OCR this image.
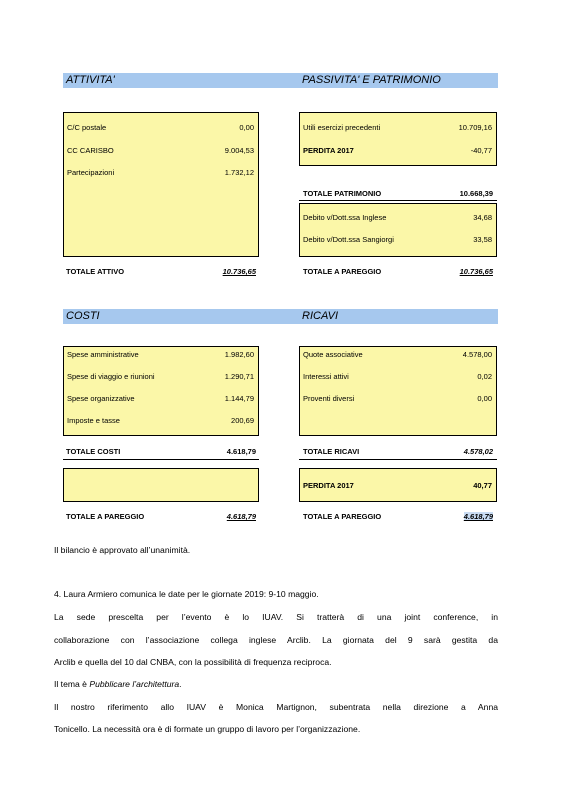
ATTIVITA'	PASSIVITA' E PATRIMONIO
C/C postale	0,00
CC CARISBO	9.004,53
Partecipazioni	1.732,12
Utili esercizi precedenti	10.709,16
PERDITA 2017	-40,77
TOTALE PATRIMONIO	10.668,39
Debito v/Dott.ssa Inglese	34,68
Debito v/Dott.ssa Sangiorgi	33,58
TOTALE ATTIVO	10.736,65	TOTALE A PAREGGIO	10.736,65
COSTI	RICAVI
Spese amministrative	1.982,60
Spese di viaggio e riunioni	1.290,71
Spese organizzative	1.144,79
Imposte e tasse	200,69
Quote associative	4.578,00
Interessi attivi	0,02
Proventi diversi	0,00
TOTALE COSTI	4.618,79	TOTALE RICAVI	4.578,02
PERDITA 2017	40,77
TOTALE A PAREGGIO	4.618,79	TOTALE A PAREGGIO	4.618,79
Il bilancio è approvato all’unanimità.
4. Laura Armiero comunica le date per le giornate 2019: 9-10 maggio.
La sede prescelta per l’evento è lo IUAV. Si tratterà di una joint conference, in
collaborazione con l’associazione collega inglese Arclib. La giornata del 9 sarà gestita da
Arclib e quella del 10 dal CNBA, con la possibilità di frequenza reciproca.
Il tema è Pubblicare l’architettura.
Il nostro riferimento allo IUAV è Monica Martignon, subentrata nella direzione a Anna
Tonicello. La necessità ora è di formate un gruppo di lavoro per l’organizzazione.
